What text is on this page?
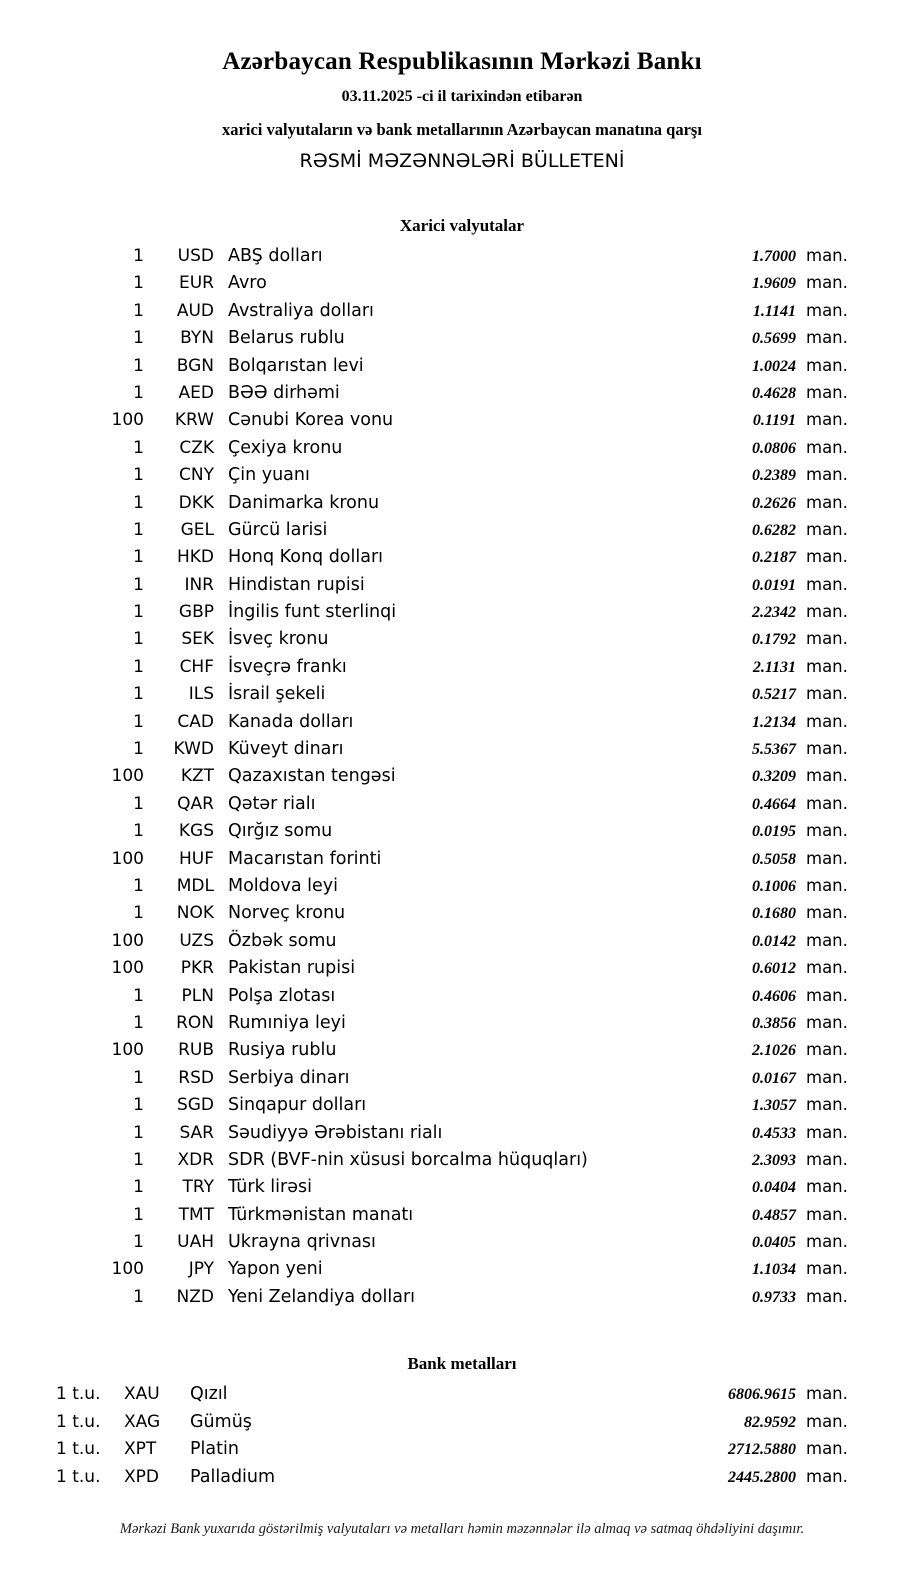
Azərbaycan Respublikasının Mərkəzi Bankı
03.11.2025 -ci il tarixindən etibarən
xarici valyutaların və bank metallarının Azərbaycan manatına qarşı
RƏSMİ MƏZƏNNƏLƏRİ BÜLLETENİ
Xarici valyutalar
1	USD	ABŞ dolları	1.7000	man.
1	EUR	Avro	1.9609	man.
1	AUD	Avstraliya dolları	1.1141	man.
1	BYN	Belarus rublu	0.5699	man.
1	BGN	Bolqarıstan levi	1.0024	man.
1	AED	BƏƏ dirhəmi	0.4628	man.
100	KRW	Cənubi Korea vonu	0.1191	man.
1	CZK	Çexiya kronu	0.0806	man.
1	CNY	Çin yuanı	0.2389	man.
1	DKK	Danimarka kronu	0.2626	man.
1	GEL	Gürcü larisi	0.6282	man.
1	HKD	Honq Konq dolları	0.2187	man.
1	INR	Hindistan rupisi	0.0191	man.
1	GBP	İngilis funt sterlinqi	2.2342	man.
1	SEK	İsveç kronu	0.1792	man.
1	CHF	İsveçrə frankı	2.1131	man.
1	ILS	İsrail şekeli	0.5217	man.
1	CAD	Kanada dolları	1.2134	man.
1	KWD	Küveyt dinarı	5.5367	man.
100	KZT	Qazaxıstan tengəsi	0.3209	man.
1	QAR	Qətər rialı	0.4664	man.
1	KGS	Qırğız somu	0.0195	man.
100	HUF	Macarıstan forinti	0.5058	man.
1	MDL	Moldova leyi	0.1006	man.
1	NOK	Norveç kronu	0.1680	man.
100	UZS	Özbək somu	0.0142	man.
100	PKR	Pakistan rupisi	0.6012	man.
1	PLN	Polşa zlotası	0.4606	man.
1	RON	Rumıniya leyi	0.3856	man.
100	RUB	Rusiya rublu	2.1026	man.
1	RSD	Serbiya dinarı	0.0167	man.
1	SGD	Sinqapur dolları	1.3057	man.
1	SAR	Səudiyyə Ərəbistanı rialı	0.4533	man.
1	XDR	SDR (BVF-nin xüsusi borcalma hüquqları)	2.3093	man.
1	TRY	Türk lirəsi	0.0404	man.
1	TMT	Türkmənistan manatı	0.4857	man.
1	UAH	Ukrayna qrivnası	0.0405	man.
100	JPY	Yapon yeni	1.1034	man.
1	NZD	Yeni Zelandiya dolları	0.9733	man.
Bank metalları
1 t.u.	XAU	Qızıl	6806.9615	man.
1 t.u.	XAG	Gümüş	82.9592	man.
1 t.u.	XPT	Platin	2712.5880	man.
1 t.u.	XPD	Palladium	2445.2800	man.
Mərkəzi Bank yuxarıda göstərilmiş valyutaları və metalları həmin məzənnələr ilə almaq və satmaq öhdəliyini daşımır.
